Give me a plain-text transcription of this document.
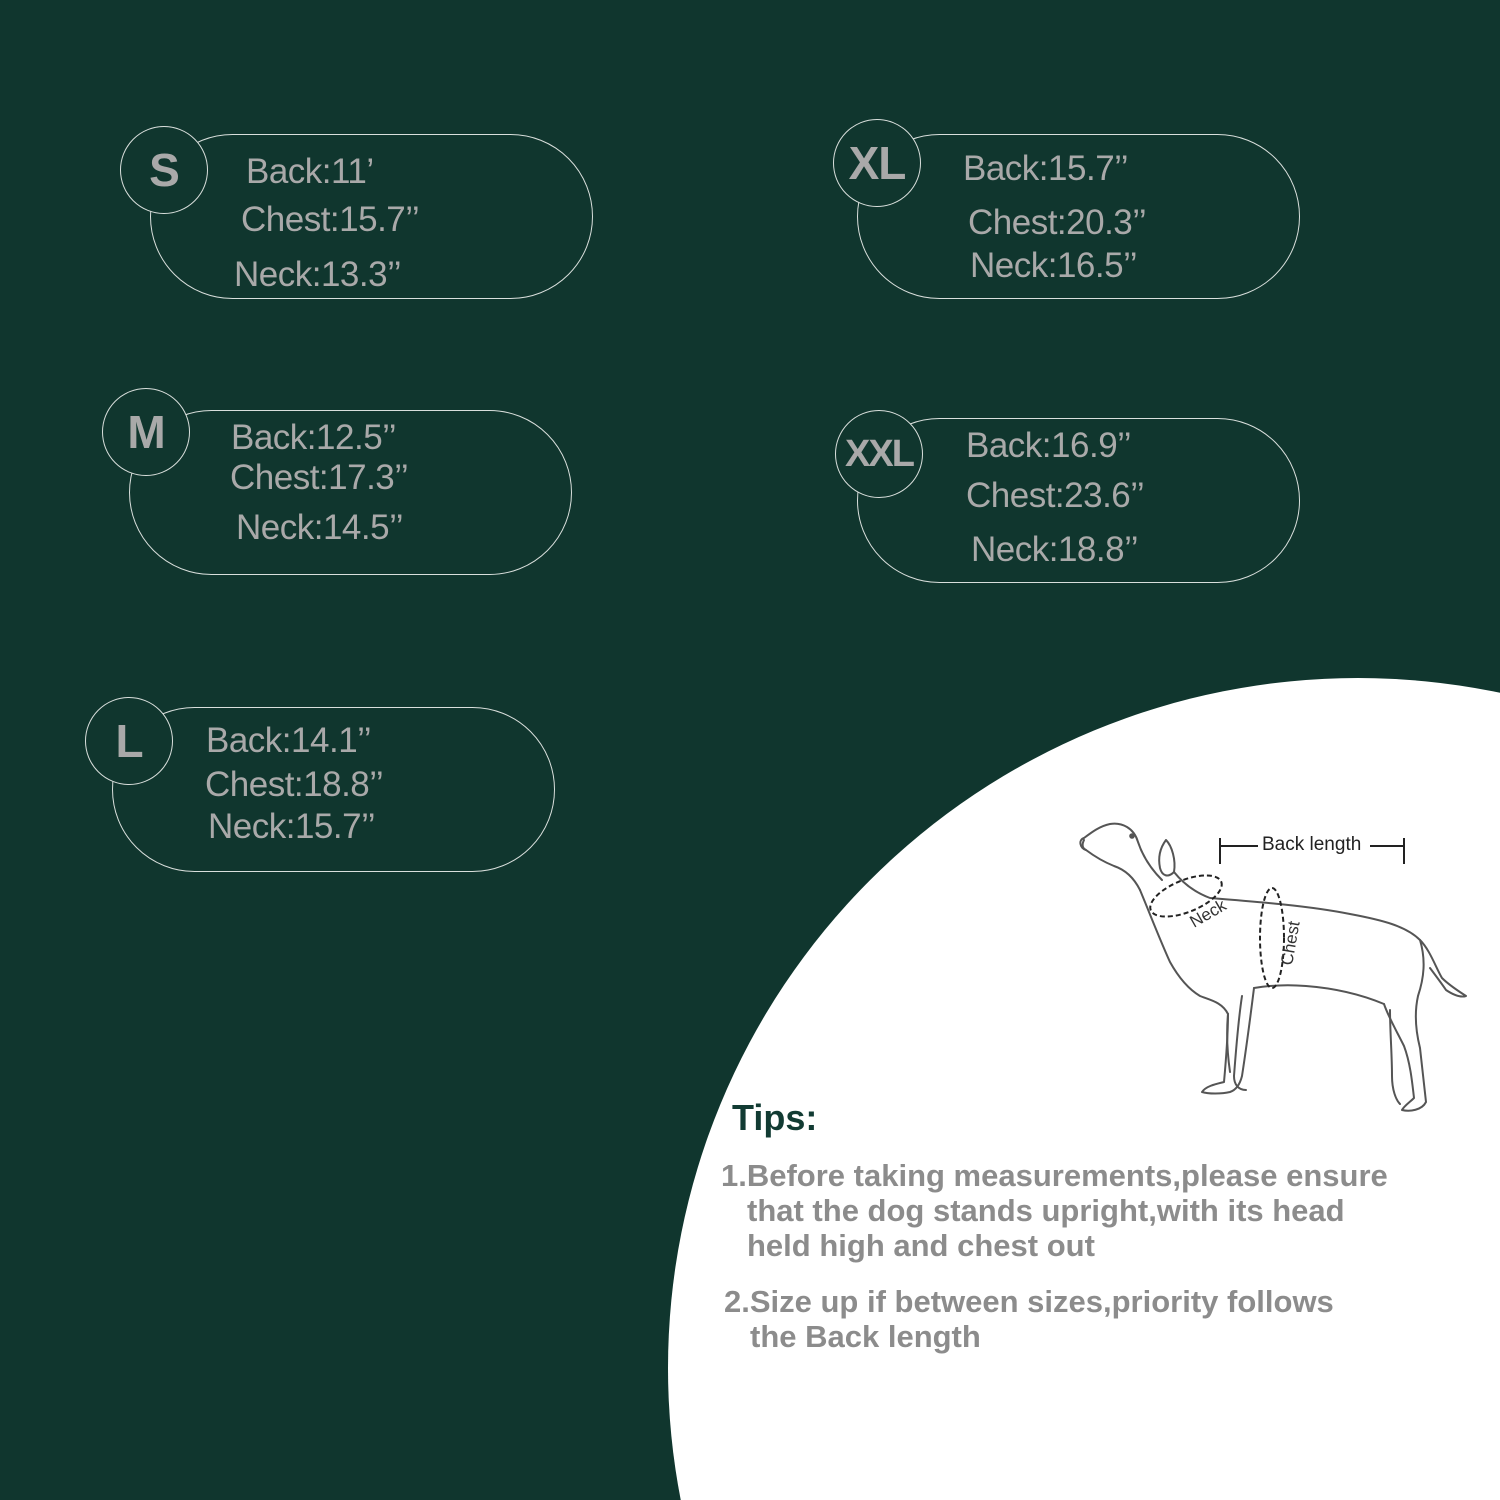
S Back:11’
Chest:15.7’’
Neck:13.3’’
M Back:12.5’’
Chest:17.3’’
Neck:14.5’’
L Back:14.1’’
Chest:18.8’’
Neck:15.7’’
XL Back:15.7’’
Chest:20.3’’
Neck:16.5’’
XXL Back:16.9’’
Chest:23.6’’
Neck:18.8’’
Neck
Chest
Back length
Tips:
1.Before taking measurements,please ensure
that the dog stands upright,with its head
held high and chest out
2.Size up if between sizes,priority follows
the Back length
